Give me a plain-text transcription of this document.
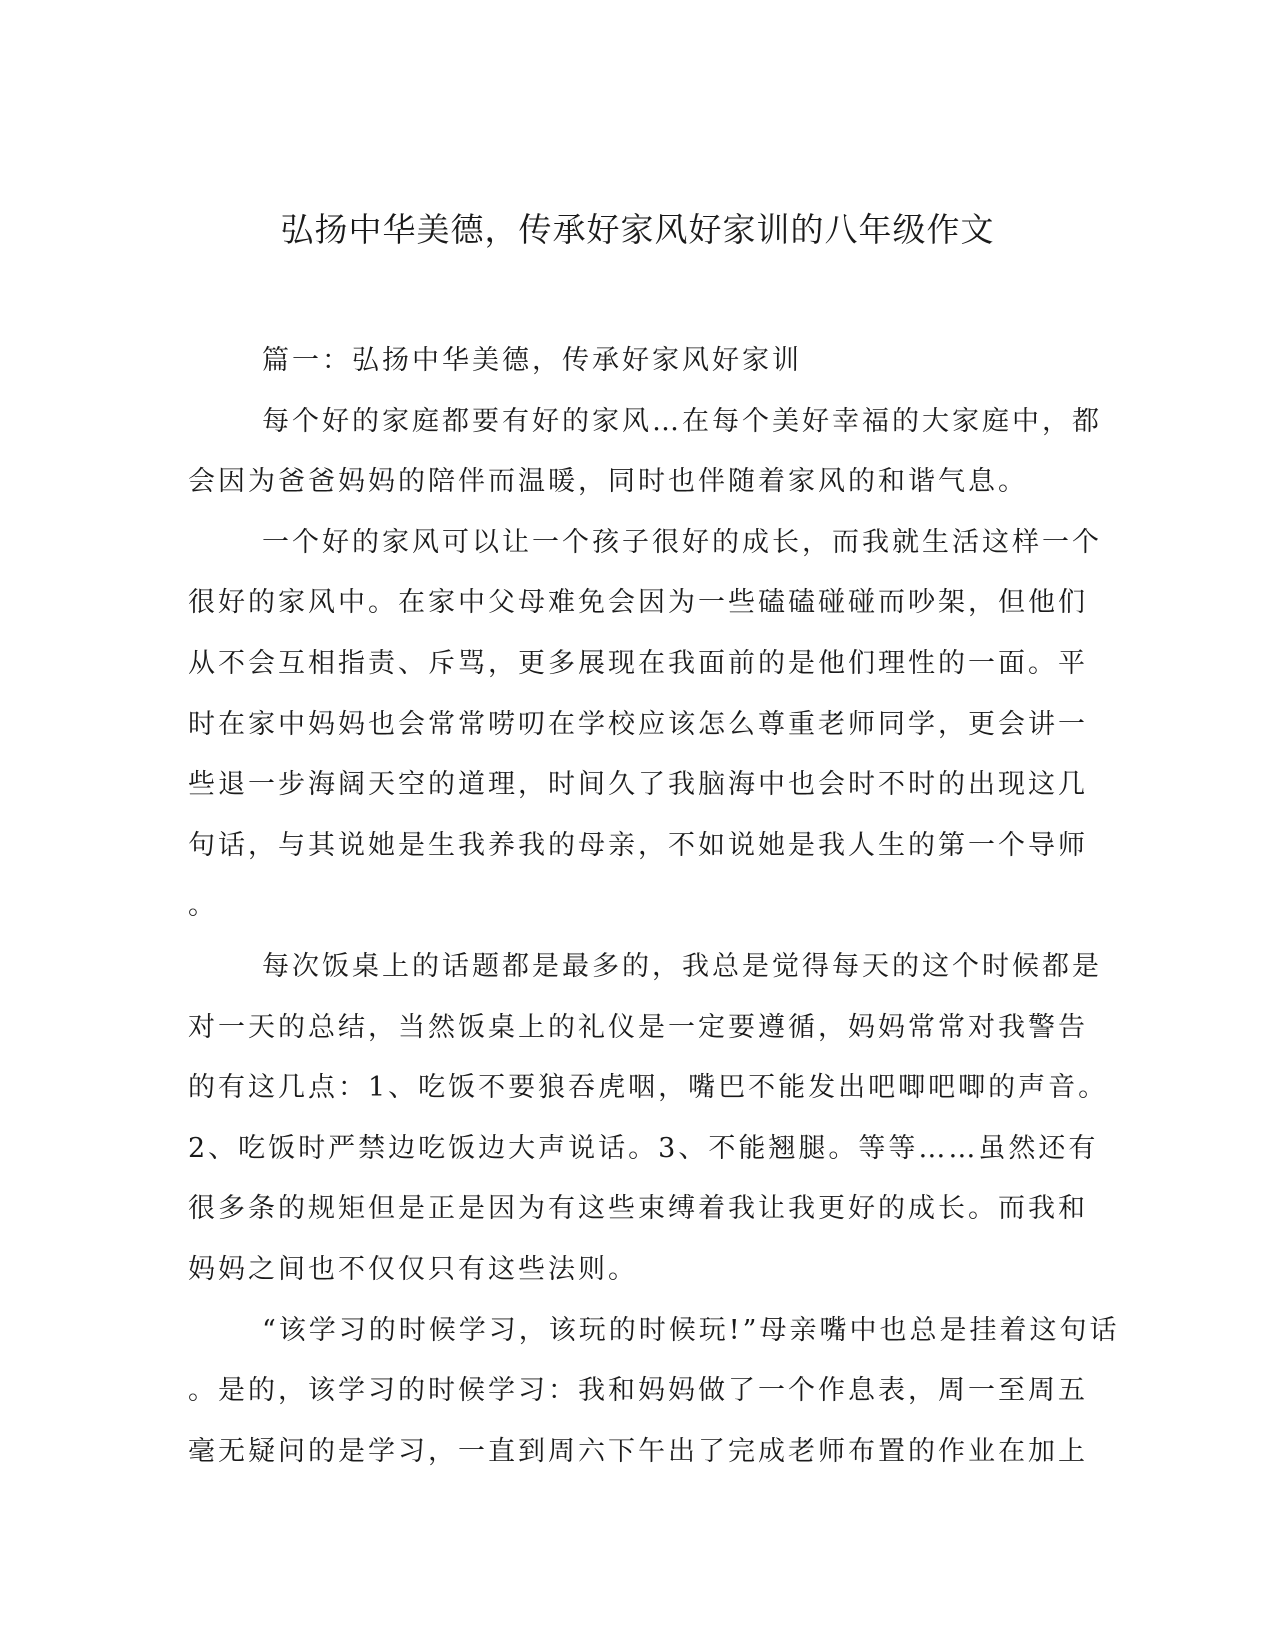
弘扬中华美德，传承好家风好家训的八年级作文
篇一：弘扬中华美德，传承好家风好家训
每个好的家庭都要有好的家风…在每个美好幸福的大家庭中，都
会因为爸爸妈妈的陪伴而温暖，同时也伴随着家风的和谐气息。
一个好的家风可以让一个孩子很好的成长，而我就生活这样一个
很好的家风中。在家中父母难免会因为一些磕磕碰碰而吵架，但他们
从不会互相指责、斥骂，更多展现在我面前的是他们理性的一面。平
时在家中妈妈也会常常唠叨在学校应该怎么尊重老师同学，更会讲一
些退一步海阔天空的道理，时间久了我脑海中也会时不时的出现这几
句话，与其说她是生我养我的母亲，不如说她是我人生的第一个导师
。
每次饭桌上的话题都是最多的，我总是觉得每天的这个时候都是
对一天的总结，当然饭桌上的礼仪是一定要遵循，妈妈常常对我警告
的有这几点：1、吃饭不要狼吞虎咽，嘴巴不能发出吧唧吧唧的声音。
2、吃饭时严禁边吃饭边大声说话。3、不能翘腿。等等……虽然还有
很多条的规矩但是正是因为有这些束缚着我让我更好的成长。而我和
妈妈之间也不仅仅只有这些法则。
“该学习的时候学习，该玩的时候玩!”母亲嘴中也总是挂着这句话
。是的，该学习的时候学习：我和妈妈做了一个作息表，周一至周五
毫无疑问的是学习，一直到周六下午出了完成老师布置的作业在加上
